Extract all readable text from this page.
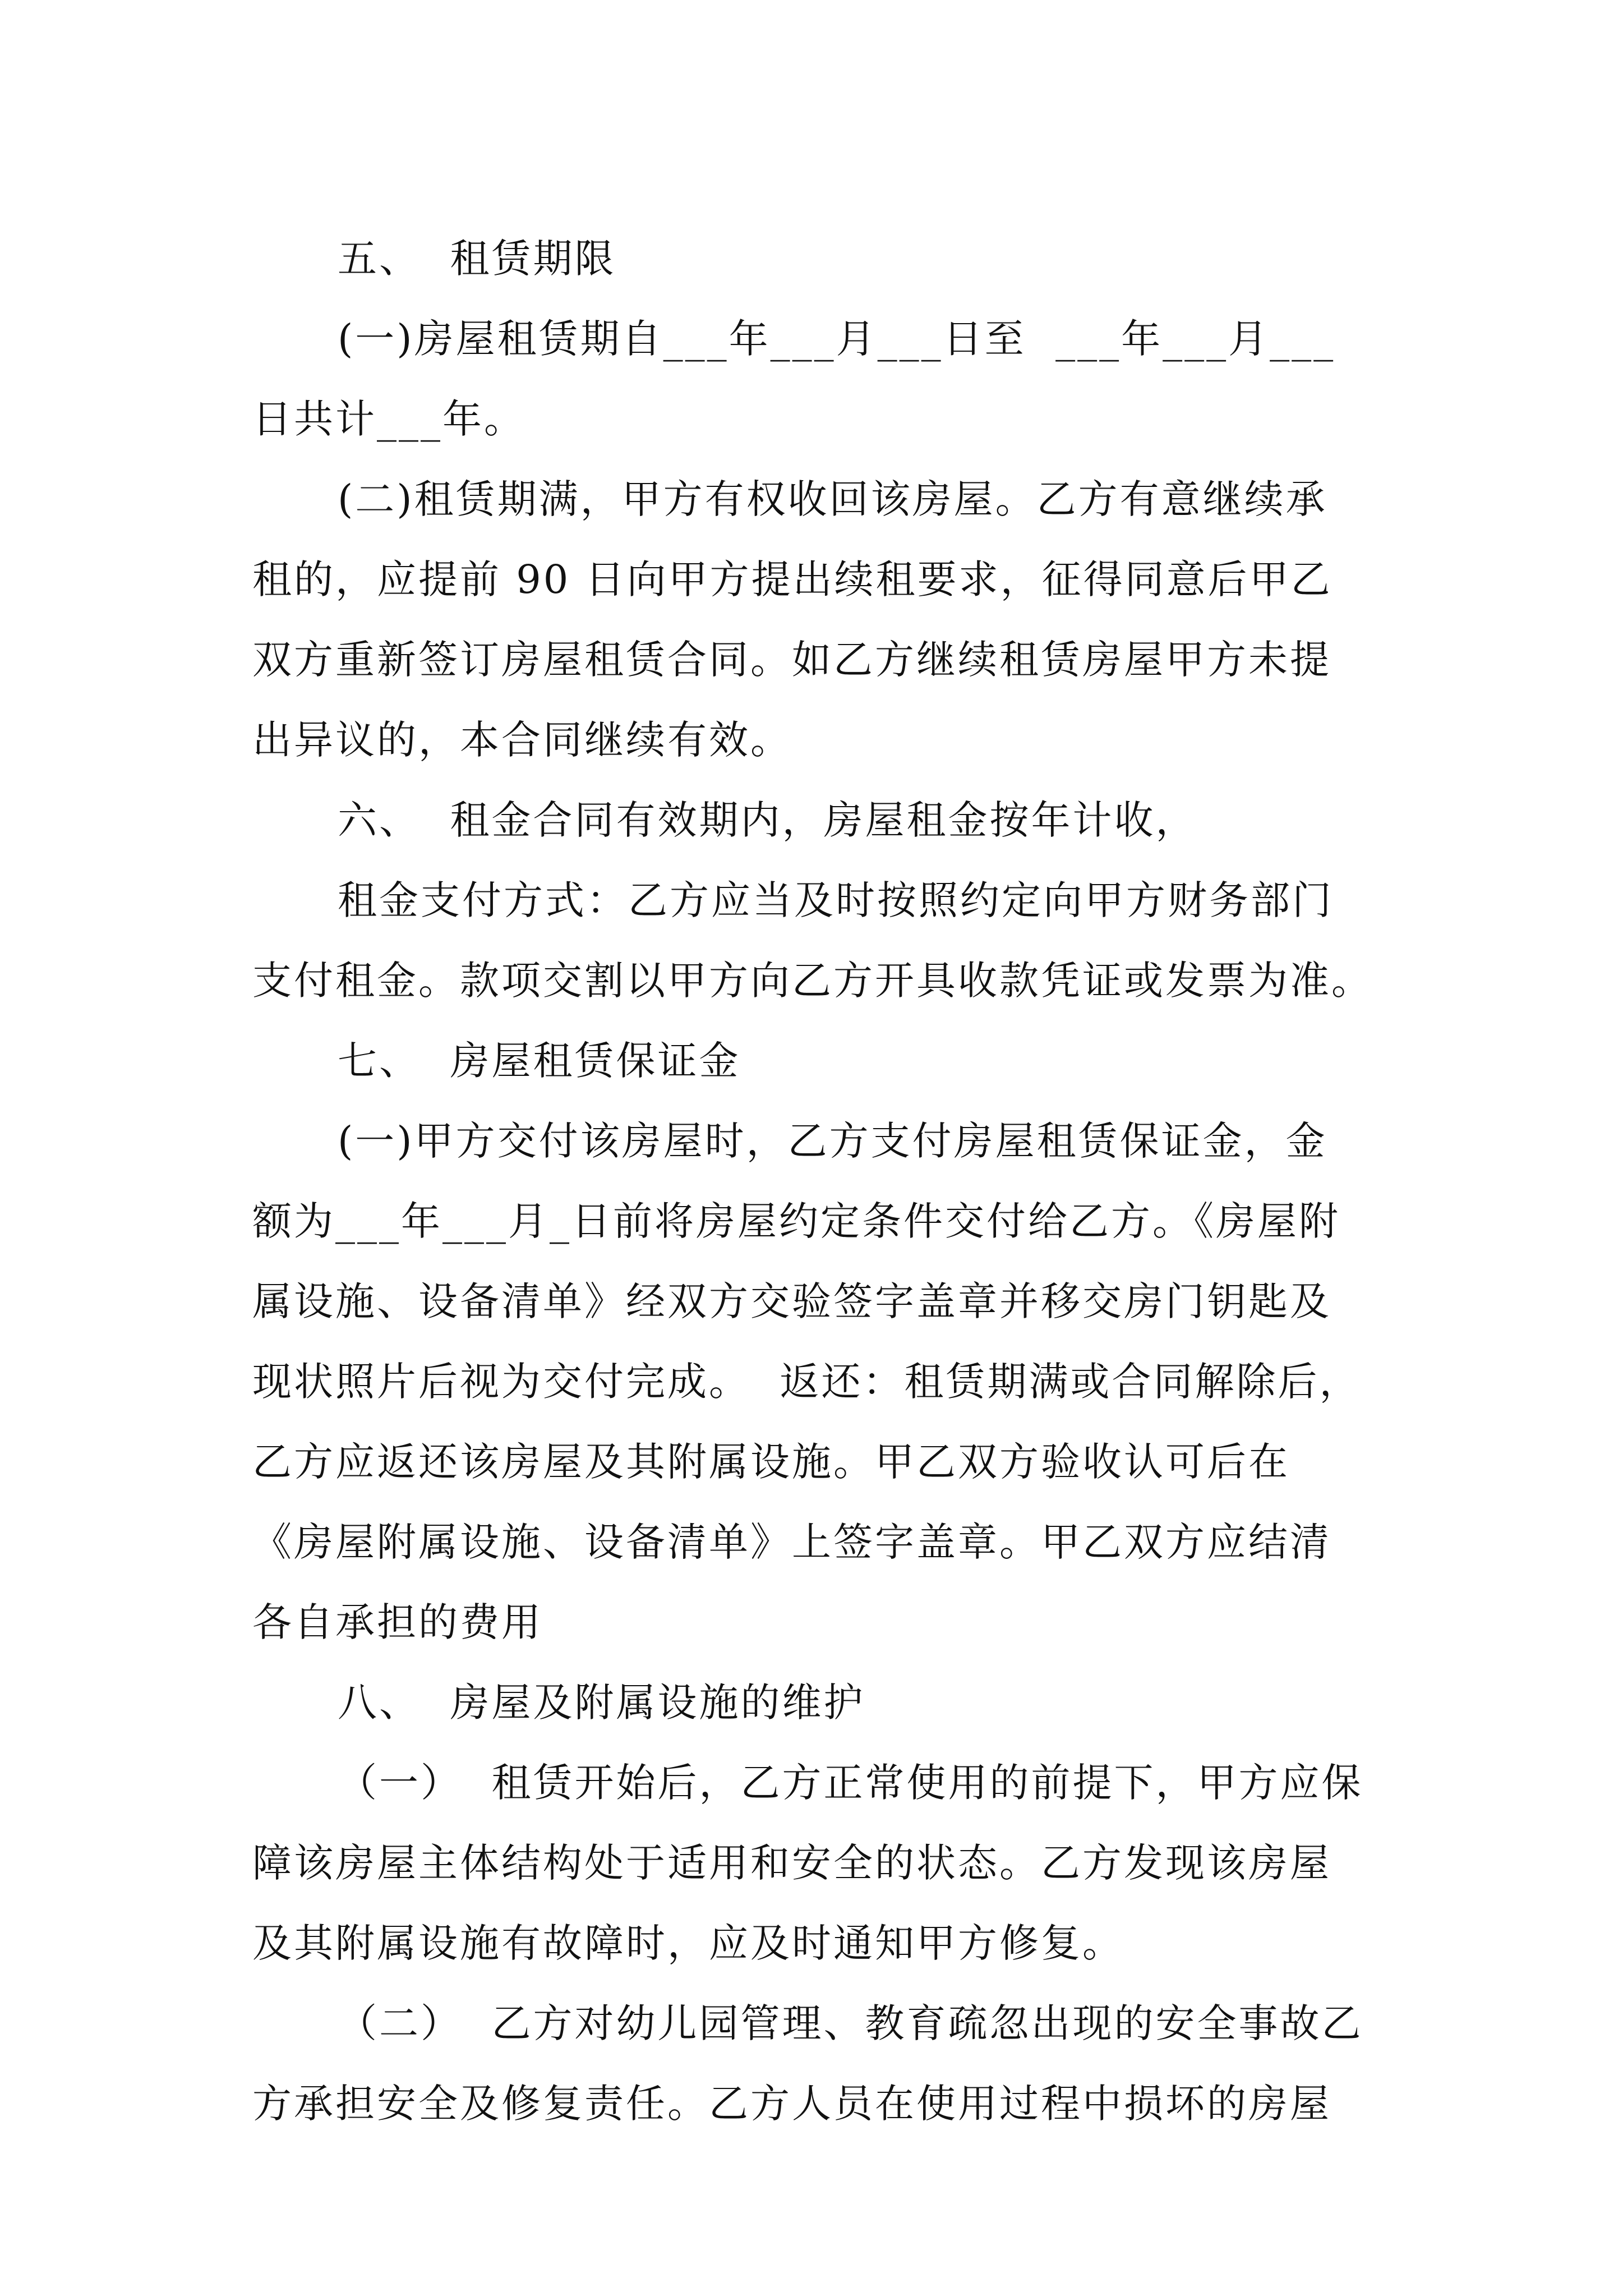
五、  租赁期限
(一)房屋租赁期自___年___月___日至  ___年___月___
日共计___年。
(二)租赁期满，甲方有权收回该房屋。乙方有意继续承
租的，应提前 90 日向甲方提出续租要求，征得同意后甲乙
双方重新签订房屋租赁合同。如乙方继续租赁房屋甲方未提
出异议的，本合同继续有效。
六、  租金合同有效期内，房屋租金按年计收，
租金支付方式：乙方应当及时按照约定向甲方财务部门
支付租金。款项交割以甲方向乙方开具收款凭证或发票为准。
七、  房屋租赁保证金
(一)甲方交付该房屋时，乙方支付房屋租赁保证金，金
额为___年___月_日前将房屋约定条件交付给乙方。《房屋附
属设施、设备清单》经双方交验签字盖章并移交房门钥匙及
现状照片后视为交付完成。  返还：租赁期满或合同解除后，
乙方应返还该房屋及其附属设施。甲乙双方验收认可后在
《房屋附属设施、设备清单》上签字盖章。甲乙双方应结清
各自承担的费用
八、  房屋及附属设施的维护
（一）  租赁开始后，乙方正常使用的前提下，甲方应保
障该房屋主体结构处于适用和安全的状态。乙方发现该房屋
及其附属设施有故障时，应及时通知甲方修复。
（二）  乙方对幼儿园管理、教育疏忽出现的安全事故乙
方承担安全及修复责任。乙方人员在使用过程中损坏的房屋
